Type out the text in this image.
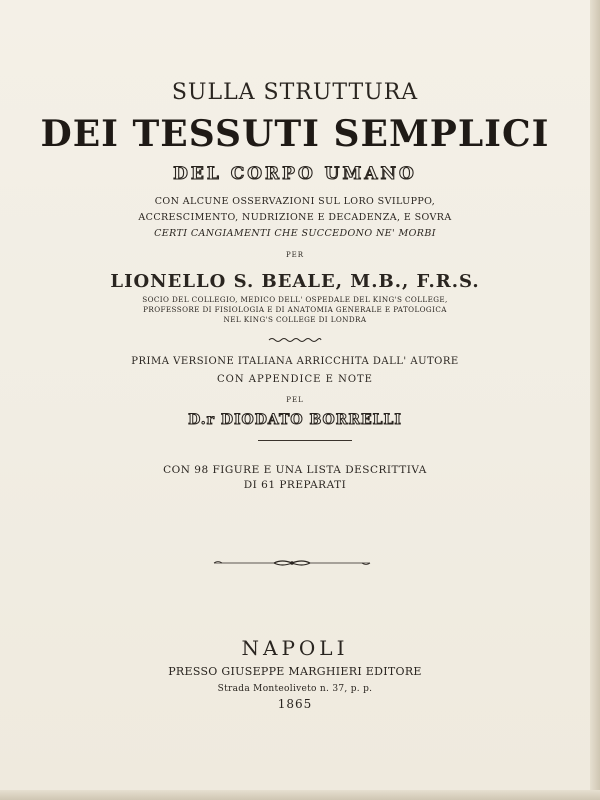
SULLA STRUTTURA
DEI TESSUTI SEMPLICI
DEL CORPO UMANO
CON ALCUNE OSSERVAZIONI SUL LORO SVILUPPO,
ACCRESCIMENTO, NUDRIZIONE E DECADENZA, E SOVRA
CERTI CANGIAMENTI CHE SUCCEDONO NE' MORBI
PER
LIONELLO S. BEALE, M.B., F.R.S.
SOCIO DEL COLLEGIO, MEDICO DELL' OSPEDALE DEL KING'S COLLEGE,
PROFESSORE DI FISIOLOGIA E DI ANATOMIA GENERALE E PATOLOGICA
NEL KING'S COLLEGE DI LONDRA
PRIMA VERSIONE ITALIANA ARRICCHITA DALL' AUTORE
CON APPENDICE E NOTE
PEL
D.r DIODATO BORRELLI
CON 98 FIGURE E UNA LISTA DESCRITTIVA
DI 61 PREPARATI
NAPOLI
PRESSO GIUSEPPE MARGHIERI EDITORE
Strada Monteoliveto n. 37, p. p.
1865
